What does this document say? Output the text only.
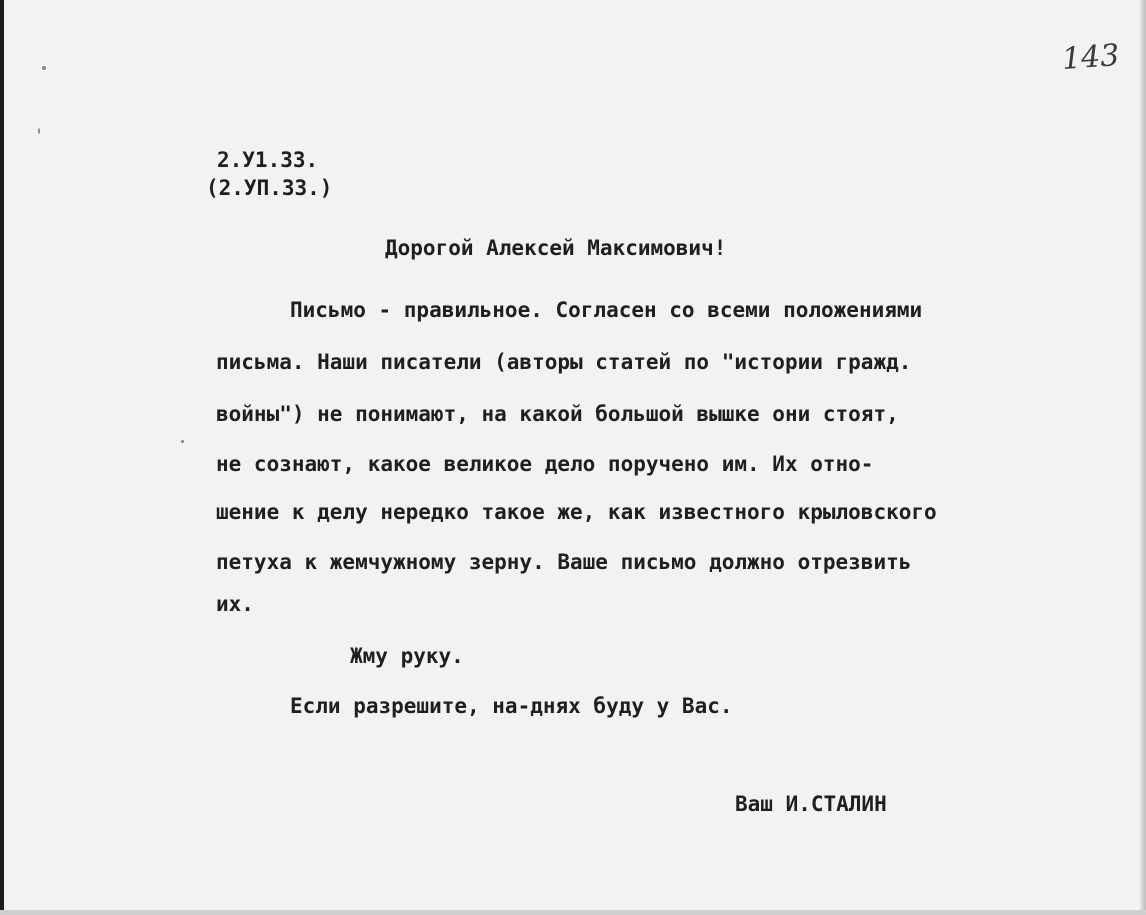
143
2.У1.33.
(2.УП.33.)
Дорогой Алексей Максимович!
Письмо - правильное. Согласен со всеми положениями
письма. Наши писатели (авторы статей по "истории гражд.
войны") не понимают, на какой большой вышке они стоят,
не сознают, какое великое дело поручено им. Их отно-
шение к делу нередко такое же, как известного крыловского
петуха к жемчужному зерну. Ваше письмо должно отрезвить
их.
Жму руку.
Если разрешите, на-днях буду у Вас.
Ваш И.СТАЛИН
